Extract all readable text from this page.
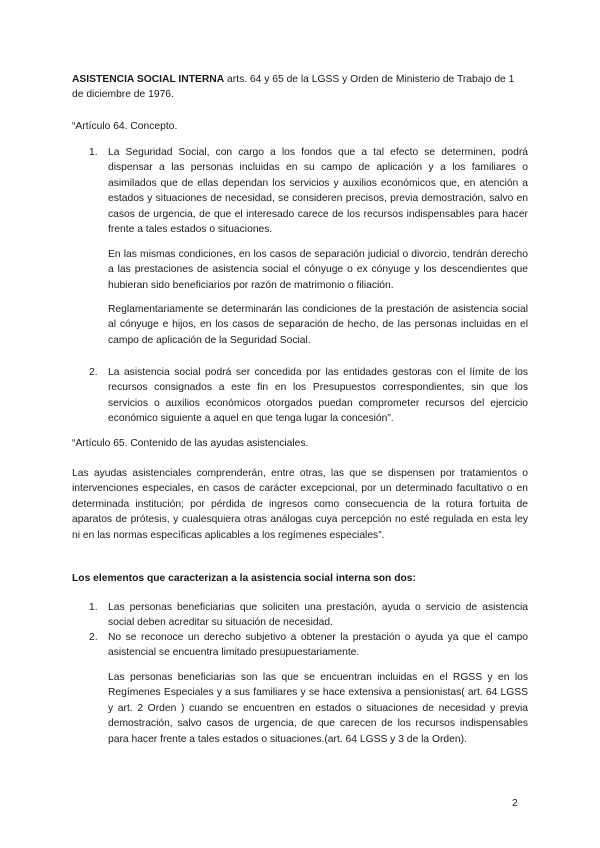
ASISTENCIA SOCIAL INTERNA arts. 64 y 65 de la LGSS y Orden de Ministerio de Trabajo de 1 de diciembre de 1976.

“Artículo 64. Concepto.

1. La Seguridad Social, con cargo a los fondos que a tal efecto se determinen, podrá dispensar a las personas incluidas en su campo de aplicación y a los familiares o asimilados que de ellas dependan los servicios y auxilios económicos que, en atención a estados y situaciones de necesidad, se consideren precisos, previa demostración, salvo en casos de urgencia, de que el interesado carece de los recursos indispensables para hacer frente a tales estados o situaciones.

En las mismas condiciones, en los casos de separación judicial o divorcio, tendrán derecho a las prestaciones de asistencia social el cónyuge o ex cónyuge y los descendientes que hubieran sido beneficiarios por razón de matrimonio o filiación.

Reglamentariamente se determinarán las condiciones de la prestación de asistencia social al cónyuge e hijos, en los casos de separación de hecho, de las personas incluidas en el campo de aplicación de la Seguridad Social.

2. La asistencia social podrá ser concedida por las entidades gestoras con el límite de los recursos consignados a este fin en los Presupuestos correspondientes, sin que los servicios o auxilios económicos otorgados puedan comprometer recursos del ejercicio económico siguiente a aquel en que tenga lugar la concesión”.

“Artículo 65. Contenido de las ayudas asistenciales.

Las ayudas asistenciales comprenderán, entre otras, las que se dispensen por tratamientos o intervenciones especiales, en casos de carácter excepcional, por un determinado facultativo o en determinada institución; por pérdida de ingresos como consecuencia de la rotura fortuita de aparatos de prótesis, y cualesquiera otras análogas cuya percepción no esté regulada en esta ley ni en las normas específicas aplicables a los regímenes especiales”.

Los elementos que caracterizan a la asistencia social interna son dos:

1. Las personas beneficiarias que soliciten una prestación, ayuda o servicio de asistencia social deben acreditar su situación de necesidad.

2. No se reconoce un derecho subjetivo a obtener la prestación o ayuda ya que el campo asistencial se encuentra limitado presupuestariamente.

Las personas beneficiarias son las que se encuentran incluidas en el RGSS y en los Regímenes Especiales y a sus familiares y se hace extensiva a pensionistas( art. 64 LGSS y art. 2 Orden ) cuando se encuentren en estados o situaciones de necesidad y previa demostración, salvo casos de urgencia, de que carecen de los recursos indispensables para hacer frente a tales estados o situaciones.(art. 64 LGSS y 3 de la Orden).

2
